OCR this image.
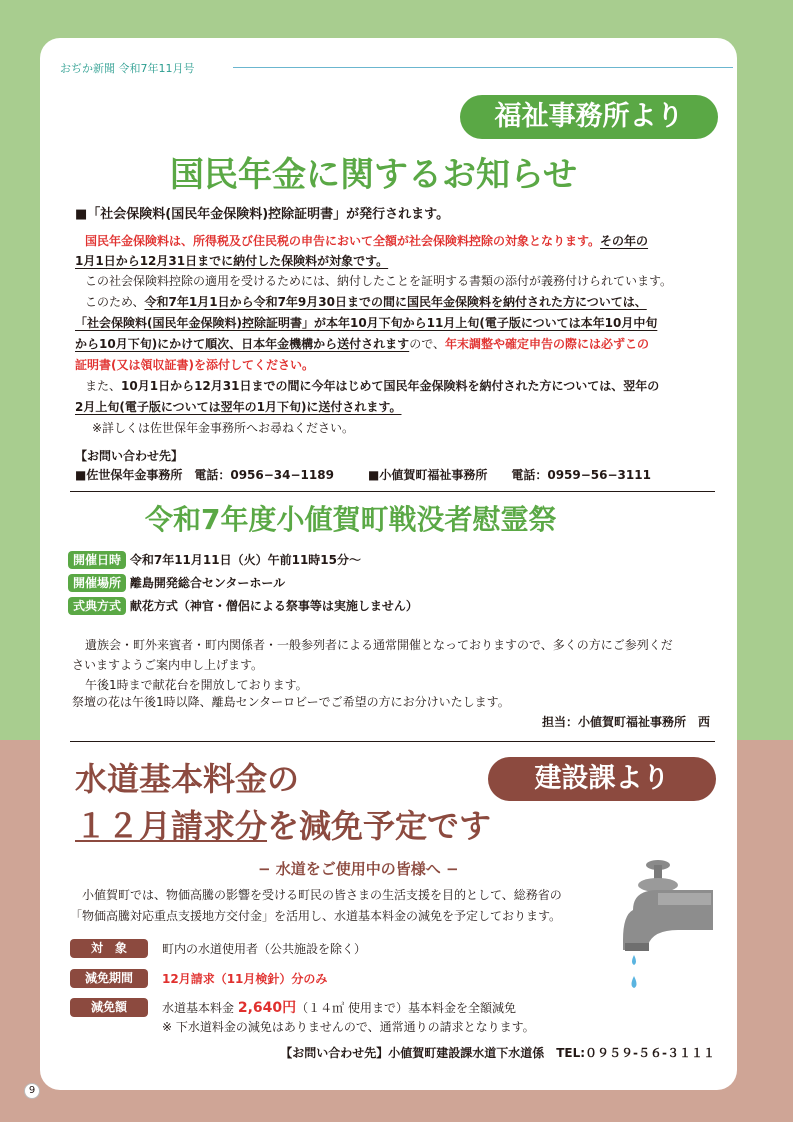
おぢか新聞 令和7年11月号
福祉事務所より
国民年金に関するお知らせ
■「社会保険料(国民年金保険料)控除証明書」が発行されます。
国民年金保険料は、所得税及び住民税の申告において全額が社会保険料控除の対象となります。その年の
1月1日から12月31日までに納付した保険料が対象です。
この社会保険料控除の適用を受けるためには、納付したことを証明する書類の添付が義務付けられています。
このため、令和7年1月1日から令和7年9月30日までの間に国民年金保険料を納付された方については、
「社会保険料(国民年金保険料)控除証明書」が本年10月下旬から11月上旬(電子版については本年10月中旬
から10月下旬)にかけて順次、日本年金機構から送付されますので、年末調整や確定申告の際には必ずこの
証明書(又は領収証書)を添付してください。
また、10月1日から12月31日までの間に今年はじめて国民年金保険料を納付された方については、翌年の
2月上旬(電子版については翌年の1月下旬)に送付されます。
※詳しくは佐世保年金事務所へお尋ねください。
【お問い合わせ先】
■佐世保年金事務所　電話：0956−34−1189	■小値賀町福祉事務所　　電話：0959−56−3111
令和7年度小値賀町戦没者慰霊祭
開催日時 令和7年11月11日（火）午前11時15分〜
開催場所 離島開発総合センターホール
式典方式 献花方式（神官・僧侶による祭事等は実施しません）
遺族会・町外来賓者・町内関係者・一般参列者による通常開催となっておりますので、多くの方にご参列くだ
さいますようご案内申し上げます。
午後1時まで献花台を開放しております。
祭壇の花は午後1時以降、離島センターロビーでご希望の方にお分けいたします。
担当：小値賀町福祉事務所　西
水道基本料金の
１２月請求分を減免予定です
建設課より
− 水道をご使用中の皆様へ −
小値賀町では、物価高騰の影響を受ける町民の皆さまの生活支援を目的として、総務省の
「物価高騰対応重点支援地方交付金」を活用し、水道基本料金の減免を予定しております。
対　象	町内の水道使用者（公共施設を除く）
減免期間	12月請求（11月検針）分のみ
減免額	水道基本料金 2,640円（１４㎥ 使用まで）基本料金を全額減免
※ 下水道料金の減免はありませんので、通常通りの請求となります。
【お問い合わせ先】小値賀町建設課水道下水道係　TEL:０９５９-５６-３１１１
9
